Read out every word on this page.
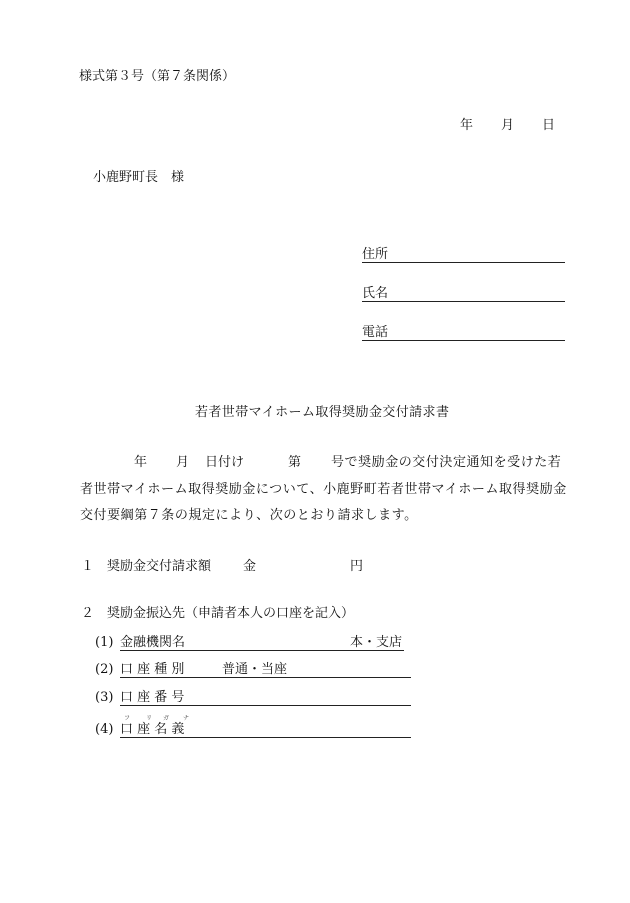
様式第３号（第７条関係）
年 月 日
小鹿野町長　様
住所
氏名
電話
若者世帯マイホーム取得奨励金交付請求書
年 月 日付け	第 号で奨励金の交付決定通知を受けた若
者世帯マイホーム取得奨励金について、小鹿野町若者世帯マイホーム取得奨励金
交付要綱第７条の規定により、次のとおり請求します。
１ 奨励金交付請求額 金	円
２ 奨励金振込先（申請者本人の口座を記入）
(1) 金融機関名	本・支店
(2) 口 座 種 別	普通・当座
(3) 口 座 番 号
フ	リ ガ ナ
(4) 口 座 名 義
